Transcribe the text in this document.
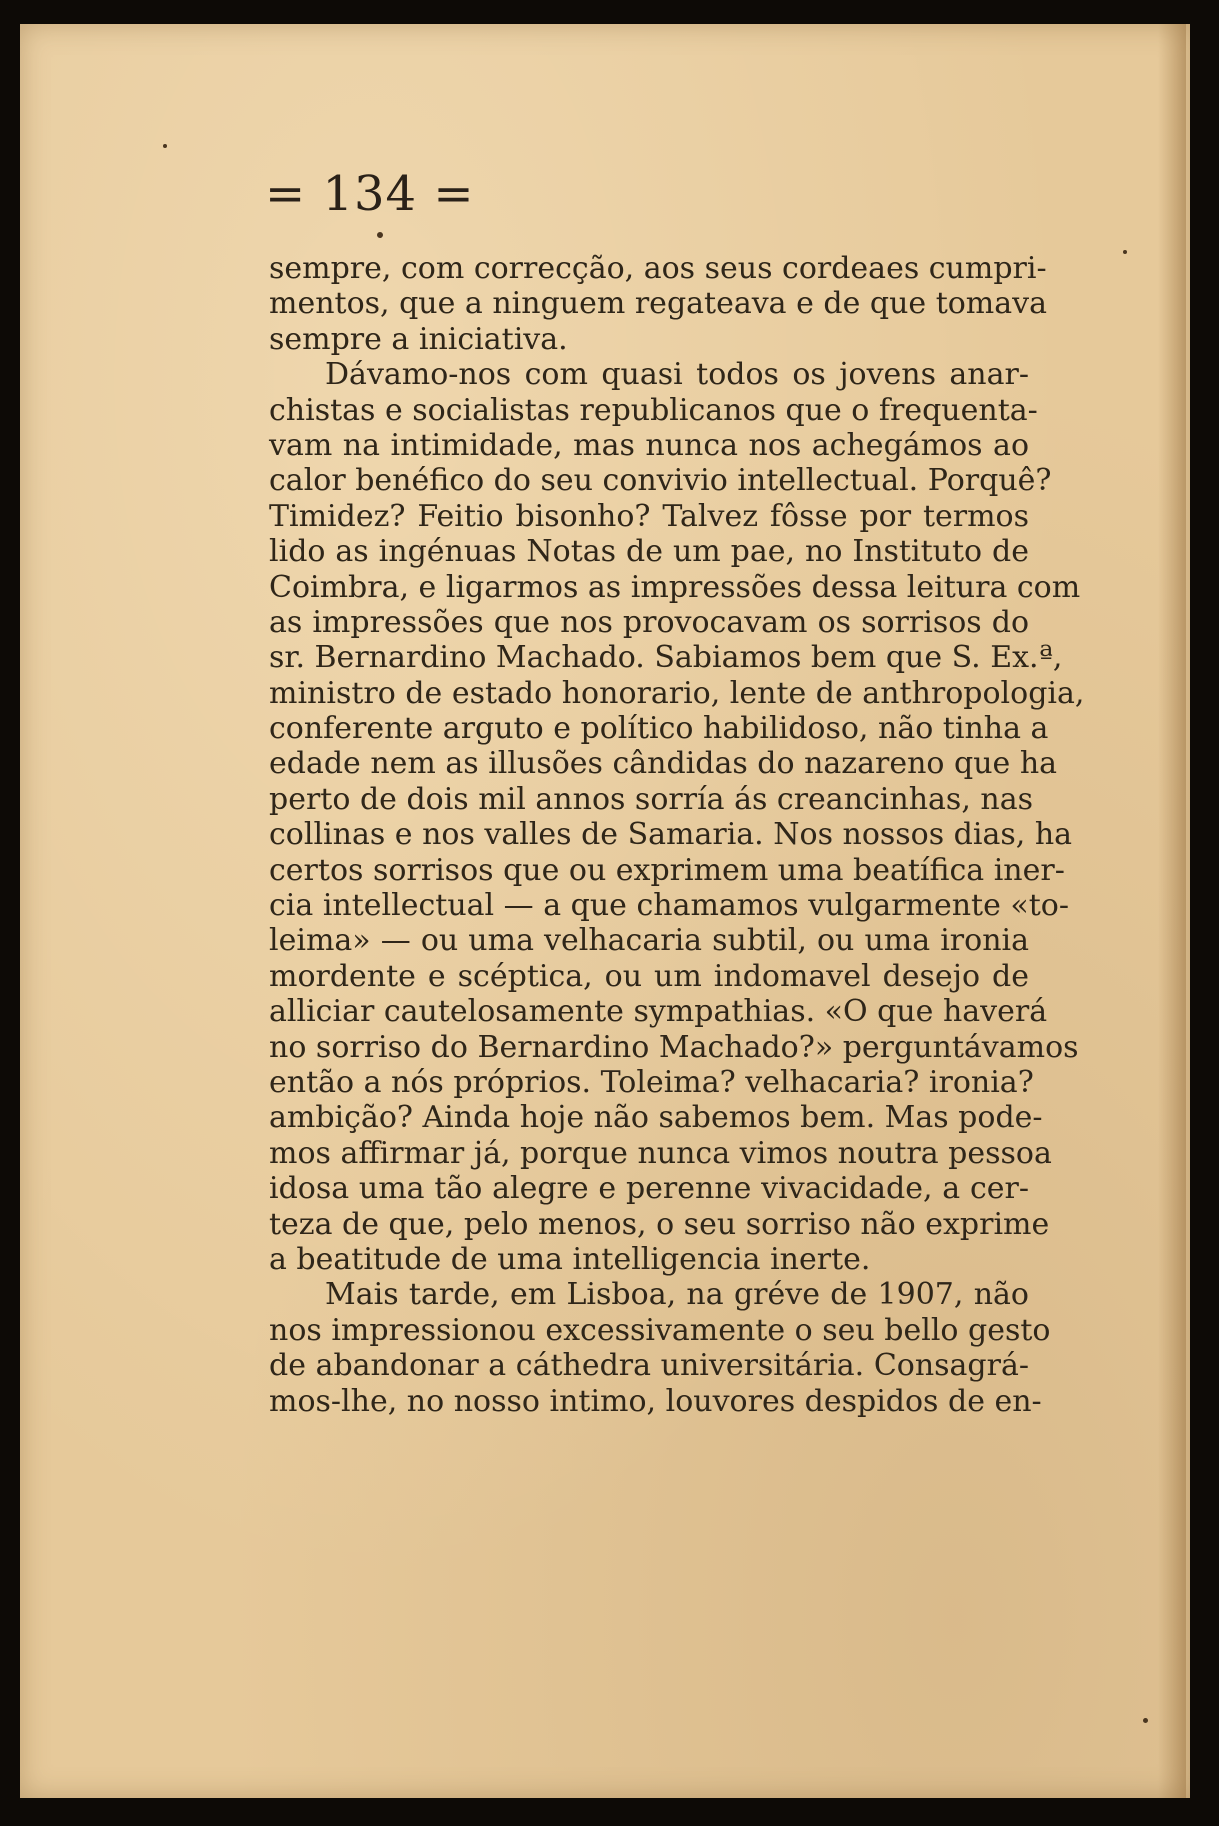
= 134 =
sempre, com correcção, aos seus cordeaes cumpri-
mentos, que a ninguem regateava e de que tomava
sempre a iniciativa.
Dávamo-nos com quasi todos os jovens anar-
chistas e socialistas republicanos que o frequenta-
vam na intimidade, mas nunca nos achegámos ao
calor benéfico do seu convivio intellectual. Porquê?
Timidez? Feitio bisonho? Talvez fôsse por termos
lido as ingénuas Notas de um pae, no Instituto de
Coimbra, e ligarmos as impressões dessa leitura com
as impressões que nos provocavam os sorrisos do
sr. Bernardino Machado. Sabiamos bem que S. Ex.ª,
ministro de estado honorario, lente de anthropologia,
conferente arguto e político habilidoso, não tinha a
edade nem as illusões cândidas do nazareno que ha
perto de dois mil annos sorría ás creancinhas, nas
collinas e nos valles de Samaria. Nos nossos dias, ha
certos sorrisos que ou exprimem uma beatífica iner-
cia intellectual — a que chamamos vulgarmente «to-
leima» — ou uma velhacaria subtil, ou uma ironia
mordente e scéptica, ou um indomavel desejo de
alliciar cautelosamente sympathias. «O que haverá
no sorriso do Bernardino Machado?» perguntávamos
então a nós próprios. Toleima? velhacaria? ironia?
ambição? Ainda hoje não sabemos bem. Mas pode-
mos affirmar já, porque nunca vimos noutra pessoa
idosa uma tão alegre e perenne vivacidade, a cer-
teza de que, pelo menos, o seu sorriso não exprime
a beatitude de uma intelligencia inerte.
Mais tarde, em Lisboa, na gréve de 1907, não
nos impressionou excessivamente o seu bello gesto
de abandonar a cáthedra universitária. Consagrá-
mos-lhe, no nosso intimo, louvores despidos de en-
